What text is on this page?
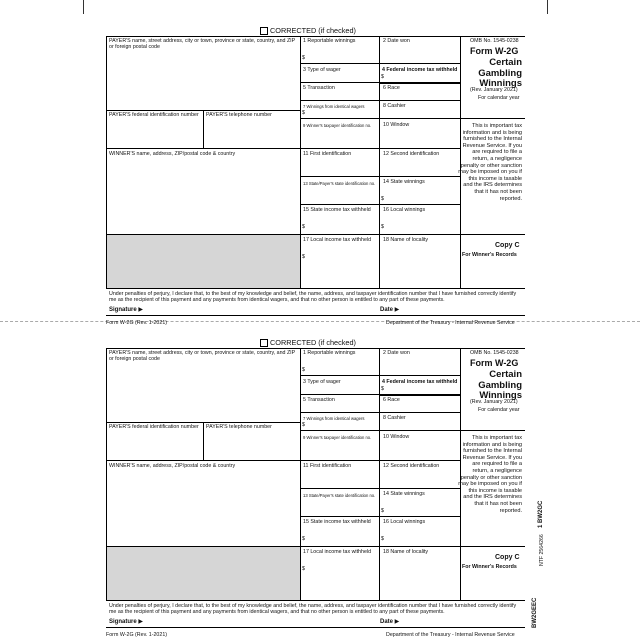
CORRECTED (if checked)
PAYER'S name, street address, city or town, province or state, country, and ZIP or foreign postal code
PAYER'S federal identification number	PAYER'S telephone number
WINNER'S name, address, ZIP/postal code & country
1 Reportable winnings
$
2 Date won
3 Type of wager	4 Federal income tax withheld
$
5 Transaction	6 Race
7 Winnings from identical wagers
$
8 Cashier
9 Winner's taxpayer identification no. 10 Window
11 First identification	12 Second identification
13 State/Payer's state identification no. 14 State winnings
$
15 State income tax withheld
$
16 Local winnings
$
17 Local income tax withheld
$
18 Name of locality
OMB No. 1545-0238
Form W-2G
Certain Gambling Winnings
(Rev. January 2021)
For calendar year
This is important tax information and is being furnished to the Internal Revenue Service. If you are required to file a return, a negligence penalty or other sanction may be imposed on you if this income is taxable and the IRS determines that it has not been reported.
Copy C
For Winner's Records
Under penalties of perjury, I declare that, to the best of my knowledge and belief, the name, address, and taxpayer identification number that I have furnished correctly identify me as the recipient of this payment and any payments from identical wagers, and that no other person is entitled to any part of these payments.
Signature ▶	Date ▶
Form W-2G (Rev. 1-2021)	Department of the Treasury - Internal Revenue Service
CORRECTED (if checked)
PAYER'S name, street address, city or town, province or state, country, and ZIP or foreign postal code
PAYER'S federal identification number	PAYER'S telephone number
WINNER'S name, address, ZIP/postal code & country
1 Reportable winnings
$
2 Date won
3 Type of wager	4 Federal income tax withheld
$
5 Transaction	6 Race
7 Winnings from identical wagers
$
8 Cashier
9 Winner's taxpayer identification no. 10 Window
11 First identification	12 Second identification
13 State/Payer's state identification no. 14 State winnings
$
15 State income tax withheld
$
16 Local winnings
$
17 Local income tax withheld
$
18 Name of locality
OMB No. 1545-0238
Form W-2G
Certain Gambling Winnings
(Rev. January 2021)
For calendar year
This is important tax information and is being furnished to the Internal Revenue Service. If you are required to file a return, a negligence penalty or other sanction may be imposed on you if this income is taxable and the IRS determines that it has not been reported.
Copy C
For Winner's Records
Under penalties of perjury, I declare that, to the best of my knowledge and belief, the name, address, and taxpayer identification number that I have furnished correctly identify me as the recipient of this payment and any payments from identical wagers, and that no other person is entitled to any part of these payments.
Signature ▶	Date ▶
Form W-2G (Rev. 1-2021)	Department of the Treasury - Internal Revenue Service
BW2GEEC
NTF 2564266
1 BW2GC
